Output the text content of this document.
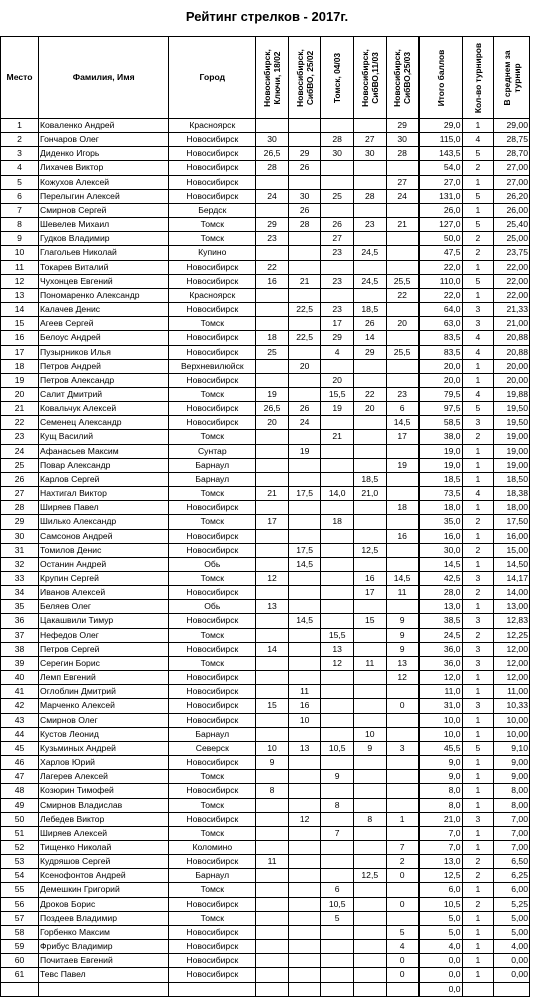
Рейтинг стрелков - 2017г.
Место	Фамилия, Имя	Город	Новосибирск, Ключи, 18/02	Новосибирск, СибВО, 25/02	Томск, 04/03	Новосибирск, СибВО,11/03	Новосибирск, СибВО,25/03	Итого баллов	Кол-во турниров	В среднем за турнир

1	Коваленко Андрей	Красноярск					29	29,0	1	29,00
2	Гончаров Олег	Новосибирск	30		28	27	30	115,0	4	28,75
3	Диденко Игорь	Новосибирск	26,5	29	30	30	28	143,5	5	28,70
4	Лихачев Виктор	Новосибирск	28	26				54,0	2	27,00
5	Кожухов Алексей	Новосибирск					27	27,0	1	27,00
6	Перелыгин Алексей	Новосибирск	24	30	25	28	24	131,0	5	26,20
7	Смирнов Сергей	Бердск		26				26,0	1	26,00
8	Шевелев Михаил	Томск	29	28	26	23	21	127,0	5	25,40
9	Гудков Владимир	Томск	23		27			50,0	2	25,00
10	Глагольев Николай	Купино			23	24,5		47,5	2	23,75
11	Токарев Виталий	Новосибирск	22					22,0	1	22,00
12	Чухонцев Евгений	Новосибирск	16	21	23	24,5	25,5	110,0	5	22,00
13	Пономаренко Александр	Красноярск					22	22,0	1	22,00
14	Калачев Денис	Новосибирск		22,5	23	18,5		64,0	3	21,33
15	Агеев Сергей	Томск			17	26	20	63,0	3	21,00
16	Белоус Андрей	Новосибирск	18	22,5	29	14		83,5	4	20,88
17	Пузырников Илья	Новосибирск	25		4	29	25,5	83,5	4	20,88
18	Петров Андрей	Верхневилюйск		20				20,0	1	20,00
19	Петров Александр	Новосибирск			20			20,0	1	20,00
20	Салит Дмитрий	Томск	19		15,5	22	23	79,5	4	19,88
21	Ковальчук Алексей	Новосибирск	26,5	26	19	20	6	97,5	5	19,50
22	Семенец Александр	Новосибирск	20	24			14,5	58,5	3	19,50
23	Кущ Василий	Томск			21		17	38,0	2	19,00
24	Афанасьев Максим	Сунтар		19				19,0	1	19,00
25	Повар Александр	Барнаул					19	19,0	1	19,00
26	Карлов Сергей	Барнаул				18,5		18,5	1	18,50
27	Нахтигал Виктор	Томск	21	17,5	14,0	21,0		73,5	4	18,38
28	Ширяев Павел	Новосибирск					18	18,0	1	18,00
29	Шилько Александр	Томск	17		18			35,0	2	17,50
30	Самсонов Андрей	Новосибирск					16	16,0	1	16,00
31	Томилов Денис	Новосибирск		17,5		12,5		30,0	2	15,00
32	Останин Андрей	Обь		14,5				14,5	1	14,50
33	Крупин Сергей	Томск	12			16	14,5	42,5	3	14,17
34	Иванов Алексей	Новосибирск				17	11	28,0	2	14,00
35	Беляев Олег	Обь	13					13,0	1	13,00
36	Цакашвили Тимур	Новосибирск		14,5		15	9	38,5	3	12,83
37	Нефедов Олег	Томск			15,5		9	24,5	2	12,25
38	Петров Сергей	Новосибирск	14		13		9	36,0	3	12,00
39	Серегин Борис	Томск			12	11	13	36,0	3	12,00
40	Лемп Евгений	Новосибирск					12	12,0	1	12,00
41	Оглоблин Дмитрий	Новосибирск		11				11,0	1	11,00
42	Марченко Алексей	Новосибирск	15	16			0	31,0	3	10,33
43	Смирнов Олег	Новосибирск		10				10,0	1	10,00
44	Кустов Леонид	Барнаул				10		10,0	1	10,00
45	Кузьминых Андрей	Северск	10	13	10,5	9	3	45,5	5	9,10
46	Харлов Юрий	Новосибирск	9					9,0	1	9,00
47	Лагерев Алексей	Томск			9			9,0	1	9,00
48	Козюрин Тимофей	Новосибирск	8					8,0	1	8,00
49	Смирнов Владислав	Томск			8			8,0	1	8,00
50	Лебедев Виктор	Новосибирск		12		8	1	21,0	3	7,00
51	Ширяев Алексей	Томск			7			7,0	1	7,00
52	Тищенко Николай	Коломино					7	7,0	1	7,00
53	Кудряшов Сергей	Новосибирск	11				2	13,0	2	6,50
54	Ксенофонтов Андрей	Барнаул				12,5	0	12,5	2	6,25
55	Демешкин Григорий	Томск			6			6,0	1	6,00
56	Дроков Борис	Новосибирск			10,5		0	10,5	2	5,25
57	Поздеев Владимир	Томск			5			5,0	1	5,00
58	Горбенко Максим	Новосибирск					5	5,0	1	5,00
59	Фрибус Владимир	Новосибирск					4	4,0	1	4,00
60	Почитаев Евгений	Новосибирск					0	0,0	1	0,00
61	Тевс Павел	Новосибирск					0	0,0	1	0,00
								0,0		
